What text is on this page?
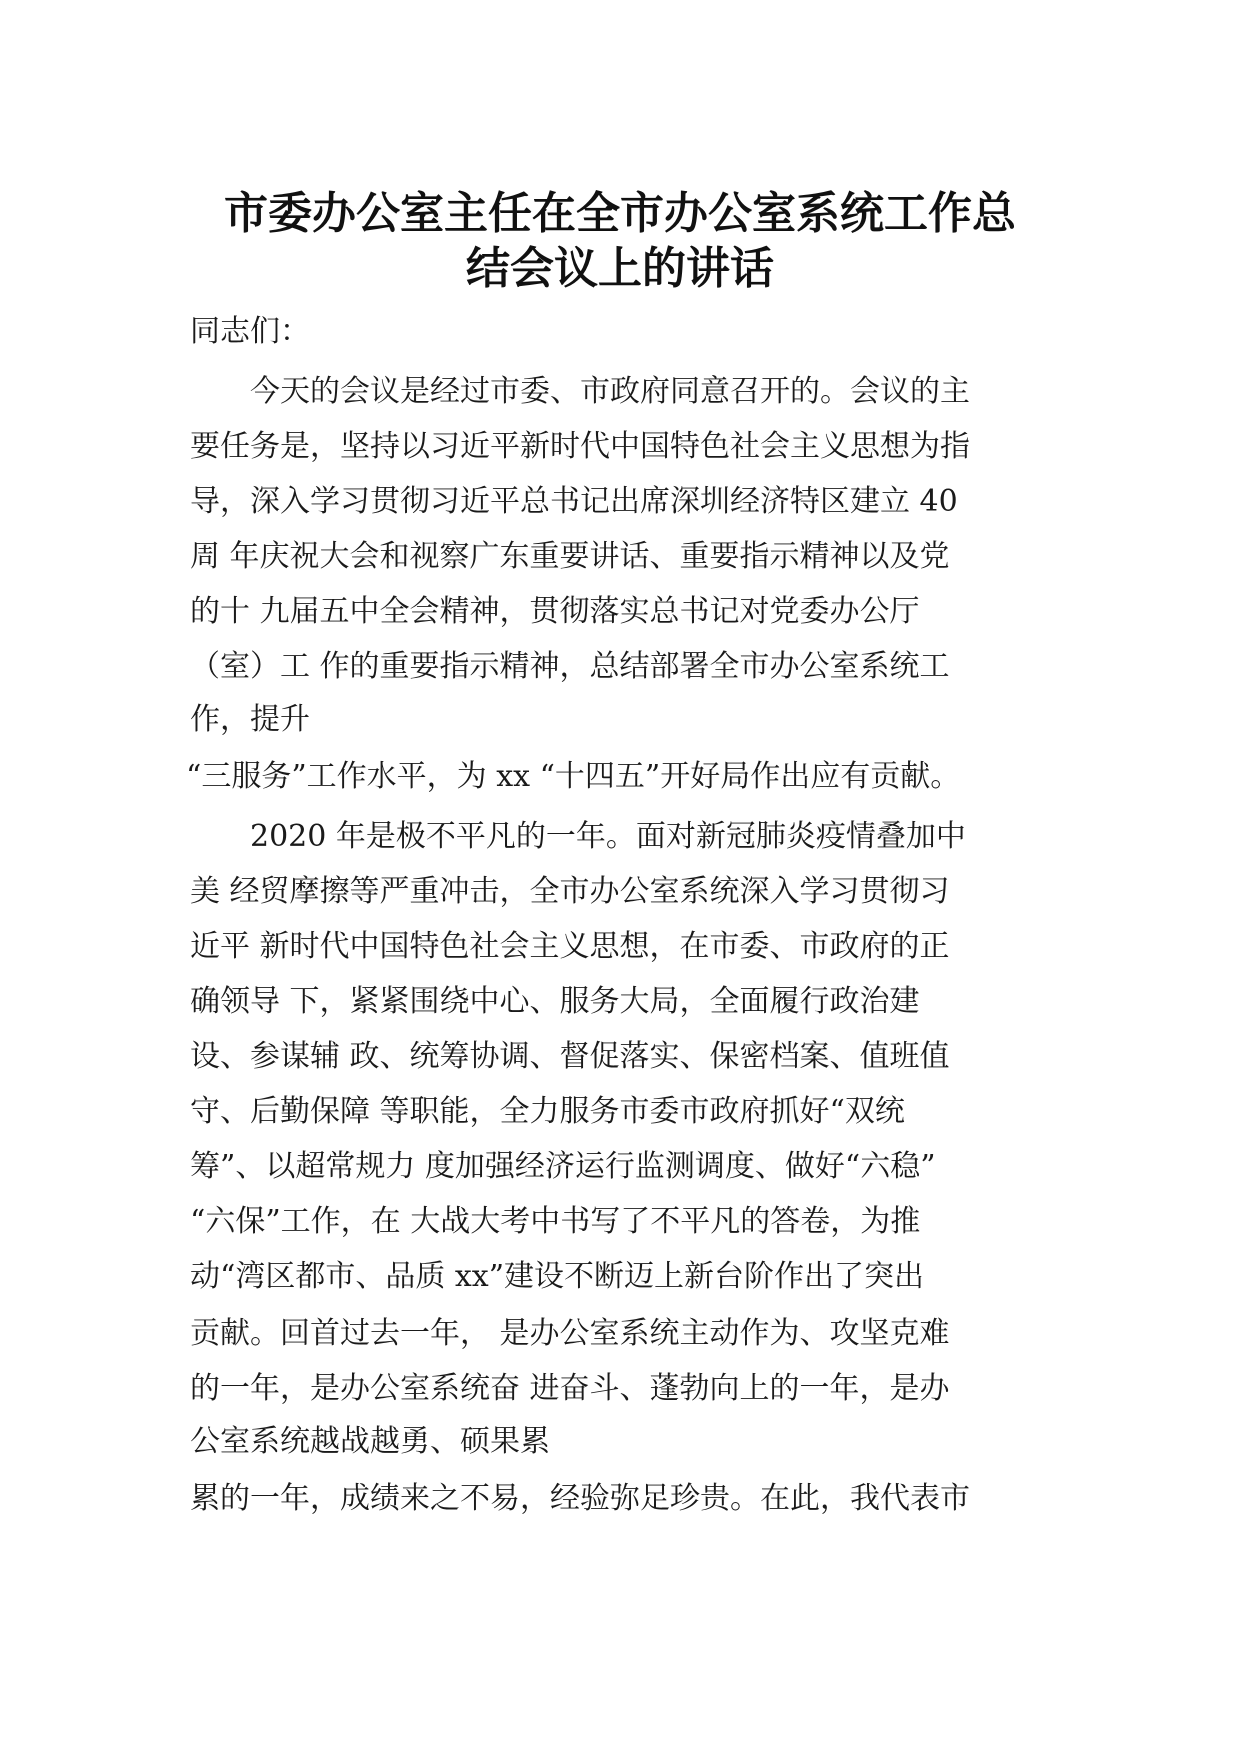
市委办公室主任在全市办公室系统工作总
结会议上的讲话
同志们：
今天的会议是经过市委、市政府同意召开的。会议的主
要任务是，坚持以习近平新时代中国特色社会主义思想为指
导，深入学习贯彻习近平总书记出席深圳经济特区建立 40
周 年庆祝大会和视察广东重要讲话、重要指示精神以及党
的十 九届五中全会精神，贯彻落实总书记对党委办公厅
（室）工 作的重要指示精神，总结部署全市办公室系统工
作，提升
“三服务”工作水平，为 xx “十四五”开好局作出应有贡献。
2020 年是极不平凡的一年。面对新冠肺炎疫情叠加中
美 经贸摩擦等严重冲击，全市办公室系统深入学习贯彻习
近平 新时代中国特色社会主义思想，在市委、市政府的正
确领导 下，紧紧围绕中心、服务大局，全面履行政治建
设、参谋辅 政、统筹协调、督促落实、保密档案、值班值
守、后勤保障 等职能，全力服务市委市政府抓好“双统
筹”、以超常规力 度加强经济运行监测调度、做好“六稳”
“六保”工作，在 大战大考中书写了不平凡的答卷，为推
动“湾区都市、品质 xx”建设不断迈上新台阶作出了突出
贡献。回首过去一年， 是办公室系统主动作为、攻坚克难
的一年，是办公室系统奋 进奋斗、蓬勃向上的一年，是办
公室系统越战越勇、硕果累
累的一年，成绩来之不易，经验弥足珍贵。在此，我代表市
